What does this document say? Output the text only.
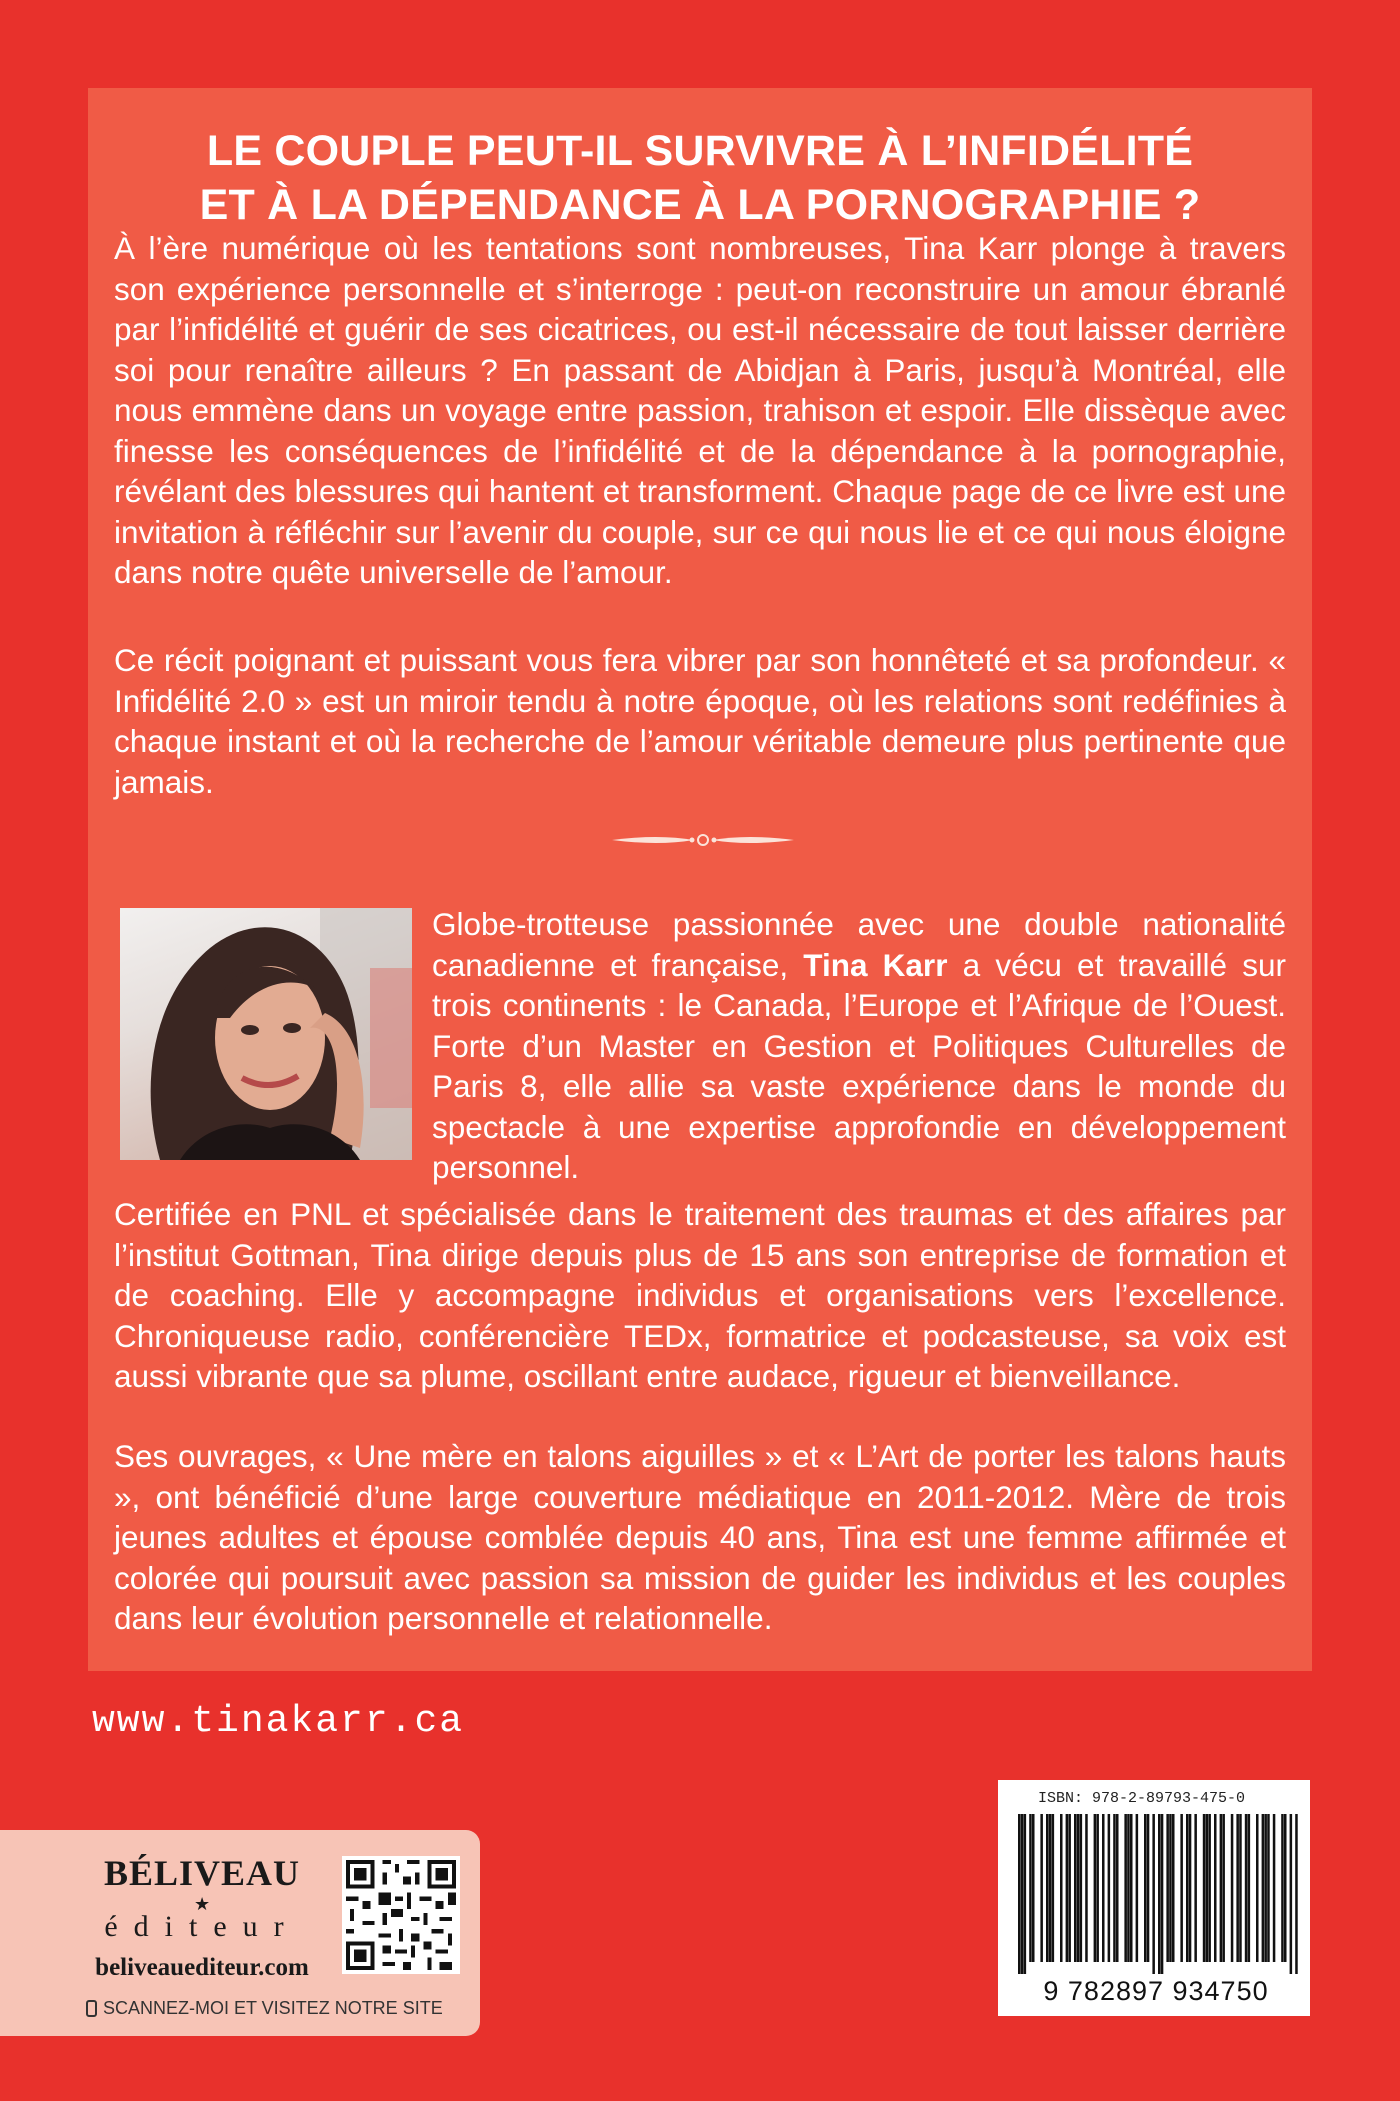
LE COUPLE PEUT-IL SURVIVRE À L’INFIDÉLITÉ
ET À LA DÉPENDANCE À LA PORNOGRAPHIE ?

À l’ère numérique où les tentations sont nombreuses, Tina Karr plonge à travers son expérience personnelle et s’interroge : peut-on reconstruire un amour ébranlé par l’infidélité et guérir de ses cicatrices, ou est-il nécessaire de tout laisser derrière soi pour renaître ailleurs ? En passant de Abidjan à Paris, jusqu’à Montréal, elle nous emmène dans un voyage entre passion, trahison et espoir. Elle dissèque avec finesse les conséquences de l’infidélité et de la dépendance à la pornographie, révélant des blessures qui hantent et transforment. Chaque page de ce livre est une invitation à réfléchir sur l’avenir du couple, sur ce qui nous lie et ce qui nous éloigne dans notre quête universelle de l’amour.

Ce récit poignant et puissant vous fera vibrer par son honnêteté et sa profondeur. « Infidélité 2.0 » est un miroir tendu à notre époque, où les relations sont redéfinies à chaque instant et où la recherche de l’amour véritable demeure plus pertinente que jamais.

Globe-trotteuse passionnée avec une double nationalité canadienne et française, Tina Karr a vécu et travaillé sur trois continents : le Canada, l’Europe et l’Afrique de l’Ouest. Forte d’un Master en Gestion et Politiques Culturelles de Paris 8, elle allie sa vaste expérience dans le monde du spectacle à une expertise approfondie en développement personnel.

Certifiée en PNL et spécialisée dans le traitement des traumas et des affaires par l’institut Gottman, Tina dirige depuis plus de 15 ans son entreprise de formation et de coaching. Elle y accompagne individus et organisations vers l’excellence. Chroniqueuse radio, conférencière TEDx, formatrice et podcasteuse, sa voix est aussi vibrante que sa plume, oscillant entre audace, rigueur et bienveillance.

Ses ouvrages, « Une mère en talons aiguilles » et « L’Art de porter les talons hauts », ont bénéficié d’une large couverture médiatique en 2011-2012. Mère de trois jeunes adultes et épouse comblée depuis 40 ans, Tina est une femme affirmée et colorée qui poursuit avec passion sa mission de guider les individus et les couples dans leur évolution personnelle et relationnelle.

www.tinakarr.ca
BÉLIVEAU
★
éditeur
beliveauediteur.com
SCANNEZ-MOI ET VISITEZ NOTRE SITE
ISBN: 978-2-89793-475-0
9 782897 934750
